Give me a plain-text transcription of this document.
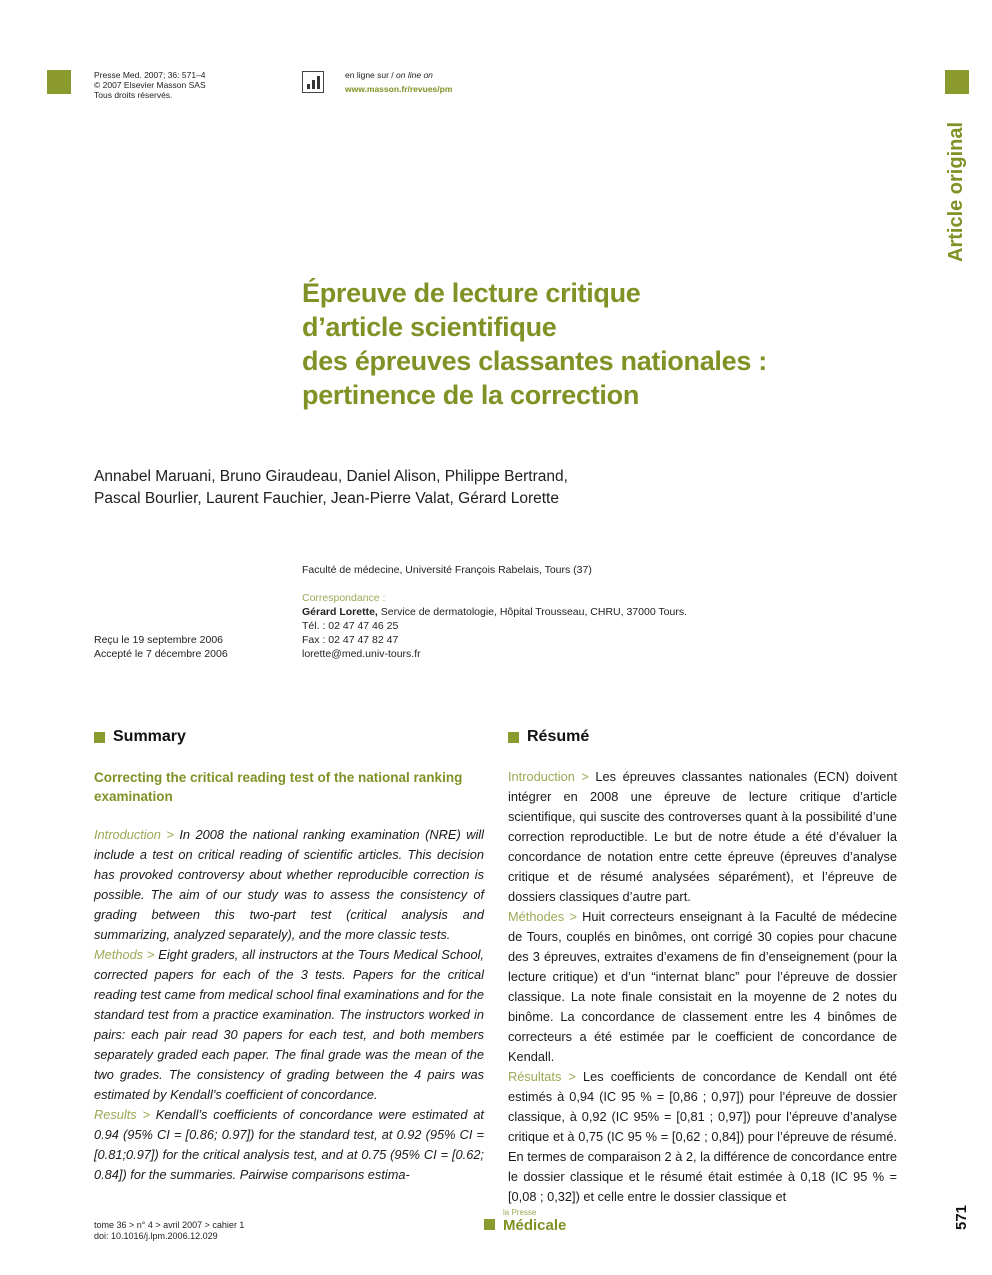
Presse Med. 2007; 36: 571–4
© 2007 Elsevier Masson SAS
Tous droits réservés.
en ligne sur / on line on
www.masson.fr/revues/pm
Article original
Épreuve de lecture critique
d’article scientifique
des épreuves classantes nationales :
pertinence de la correction
Annabel Maruani, Bruno Giraudeau, Daniel Alison, Philippe Bertrand,
Pascal Bourlier, Laurent Fauchier, Jean-Pierre Valat, Gérard Lorette
Faculté de médecine, Université François Rabelais, Tours (37)
Correspondance :
Gérard Lorette, Service de dermatologie, Hôpital Trousseau, CHRU, 37000 Tours.
Tél. : 02 47 47 46 25
Fax : 02 47 47 82 47
lorette@med.univ-tours.fr
Reçu le 19 septembre 2006
Accepté le 7 décembre 2006
Summary
Correcting the critical reading test of the national ranking examination

Introduction > In 2008 the national ranking examination (NRE) will include a test on critical reading of scientific articles. This decision has provoked controversy about whether reproducible correction is possible. The aim of our study was to assess the consistency of grading between this two-part test (critical analysis and summarizing, analyzed separately), and the more classic tests.

Methods > Eight graders, all instructors at the Tours Medical School, corrected papers for each of the 3 tests. Papers for the critical reading test came from medical school final examinations and for the standard test from a practice examination. The instructors worked in pairs: each pair read 30 papers for each test, and both members separately graded each paper. The final grade was the mean of the two grades. The consistency of grading between the 4 pairs was estimated by Kendall’s coefficient of concordance.

Results > Kendall’s coefficients of concordance were estimated at 0.94 (95% CI = [0.86; 0.97]) for the standard test, at 0.92 (95% CI = [0.81;0.97]) for the critical analysis test, and at 0.75 (95% CI = [0.62; 0.84]) for the summaries. Pairwise comparisons estima-

Résumé

Introduction > Les épreuves classantes nationales (ECN) doivent intégrer en 2008 une épreuve de lecture critique d’article scientifique, qui suscite des controverses quant à la possibilité d’une correction reproductible. Le but de notre étude a été d’évaluer la concordance de notation entre cette épreuve (épreuves d’analyse critique et de résumé analysées séparément), et l’épreuve de dossiers classiques d’autre part.

Méthodes > Huit correcteurs enseignant à la Faculté de médecine de Tours, couplés en binômes, ont corrigé 30 copies pour chacune des 3 épreuves, extraites d’examens de fin d’enseignement (pour la lecture critique) et d’un “internat blanc” pour l’épreuve de dossier classique. La note finale consistait en la moyenne de 2 notes du binôme. La concordance de classement entre les 4 binômes de correcteurs a été estimée par le coefficient de concordance de Kendall.

Résultats > Les coefficients de concordance de Kendall ont été estimés à 0,94 (IC 95 % = [0,86 ; 0,97]) pour l’épreuve de dossier classique, à 0,92 (IC 95% = [0,81 ; 0,97]) pour l’épreuve d’analyse critique et à 0,75 (IC 95 % = [0,62 ; 0,84]) pour l’épreuve de résumé. En termes de comparaison 2 à 2, la différence de concordance entre le dossier classique et le résumé était estimée à 0,18 (IC 95 % = [0,08 ; 0,32]) et celle entre le dossier classique et

tome 36 > n° 4 > avril 2007 > cahier 1
doi: 10.1016/j.lpm.2006.12.029
la Presse
Médicale	571
